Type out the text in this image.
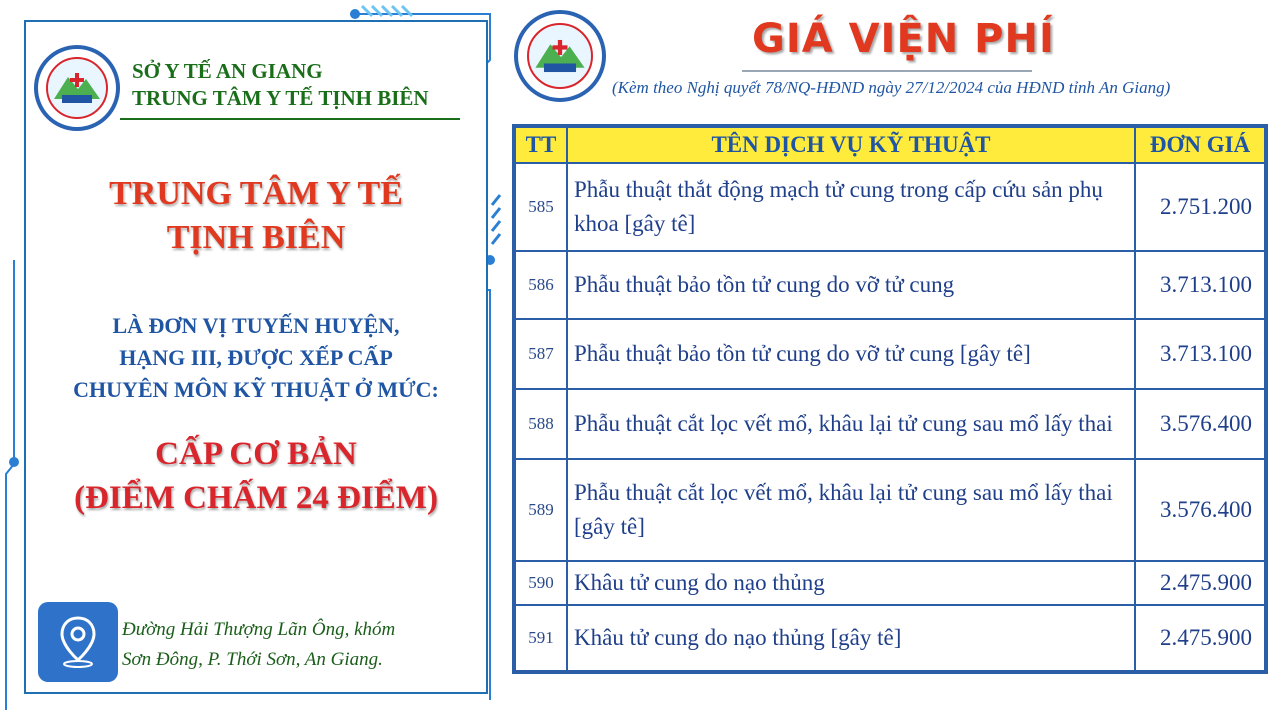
SỞ Y TẾ AN GIANG
TRUNG TÂM Y TẾ TỊNH BIÊN
TRUNG TÂM Y TẾ
TỊNH BIÊN
LÀ ĐƠN VỊ TUYẾN HUYỆN,
HẠNG III, ĐƯỢC XẾP CẤP
CHUYÊN MÔN KỸ THUẬT Ở MỨC:
CẤP CƠ BẢN
(ĐIỂM CHẤM 24 ĐIỂM)
Đường Hải Thượng Lãn Ông, khóm
Sơn Đông, P. Thới Sơn, An Giang.
GIÁ VIỆN PHÍ
(Kèm theo Nghị quyết 78/NQ-HĐND ngày 27/12/2024 của HĐND tỉnh An Giang)
TT	TÊN DỊCH VỤ KỸ THUẬT	ĐƠN GIÁ
585	Phẫu thuật thắt động mạch tử cung trong cấp cứu sản phụ khoa [gây tê]	2.751.200
586	Phẫu thuật bảo tồn tử cung do vỡ tử cung	3.713.100
587	Phẫu thuật bảo tồn tử cung do vỡ tử cung [gây tê]	3.713.100
588	Phẫu thuật cắt lọc vết mổ, khâu lại tử cung sau mổ lấy thai	3.576.400
589	Phẫu thuật cắt lọc vết mổ, khâu lại tử cung sau mổ lấy thai [gây tê]	3.576.400
590	Khâu tử cung do nạo thủng	2.475.900
591	Khâu tử cung do nạo thủng [gây tê]	2.475.900
